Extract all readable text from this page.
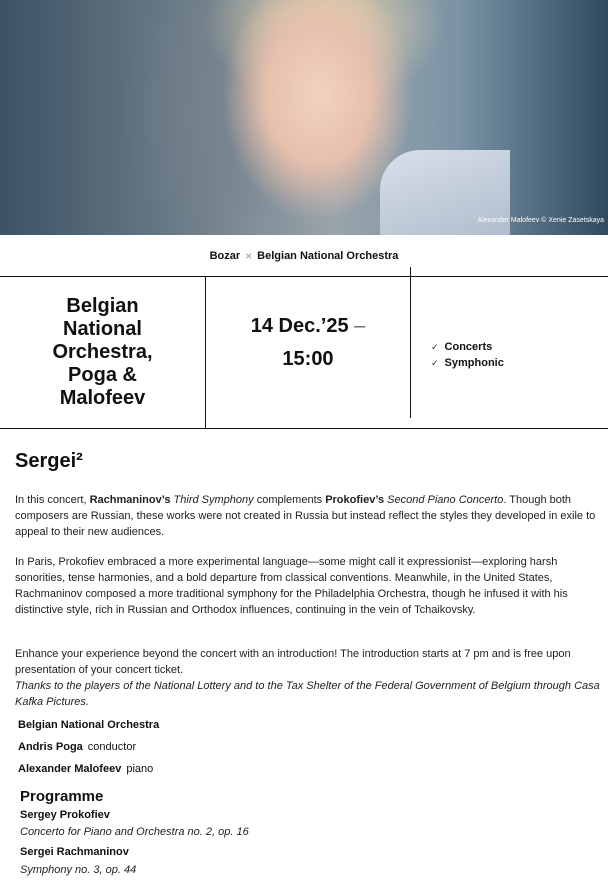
Alexander Malofeev © Xenie Zasetskaya
Bozar × Belgian National Orchestra
Belgian
National
Orchestra,
Poga &
Malofeev
14 Dec.’25 –
15:00
✓ Concerts
✓ Symphonic
Sergei²
In this concert, Rachmaninov’s Third Symphony complements Prokofiev’s Second Piano Concerto. Though both composers are Russian, these works were not created in Russia but instead reflect the styles they developed in exile to appeal to their new audiences.
In Paris, Prokofiev embraced a more experimental language—some might call it expressionist—exploring harsh sonorities, tense harmonies, and a bold departure from classical conventions. Meanwhile, in the United States, Rachmaninov composed a more traditional symphony for the Philadelphia Orchestra, though he infused it with his distinctive style, rich in Russian and Orthodox influences, continuing in the vein of Tchaikovsky.
Enhance your experience beyond the concert with an introduction! The introduction starts at 7 pm and is free upon presentation of your concert ticket.
Thanks to the players of the National Lottery and to the Tax Shelter of the Federal Government of Belgium through Casa Kafka Pictures.
Belgian National Orchestra
Andris Poga conductor
Alexander Malofeev piano
Programme
Sergey Prokofiev
Concerto for Piano and Orchestra no. 2, op. 16
Sergei Rachmaninov
Symphony no. 3, op. 44
